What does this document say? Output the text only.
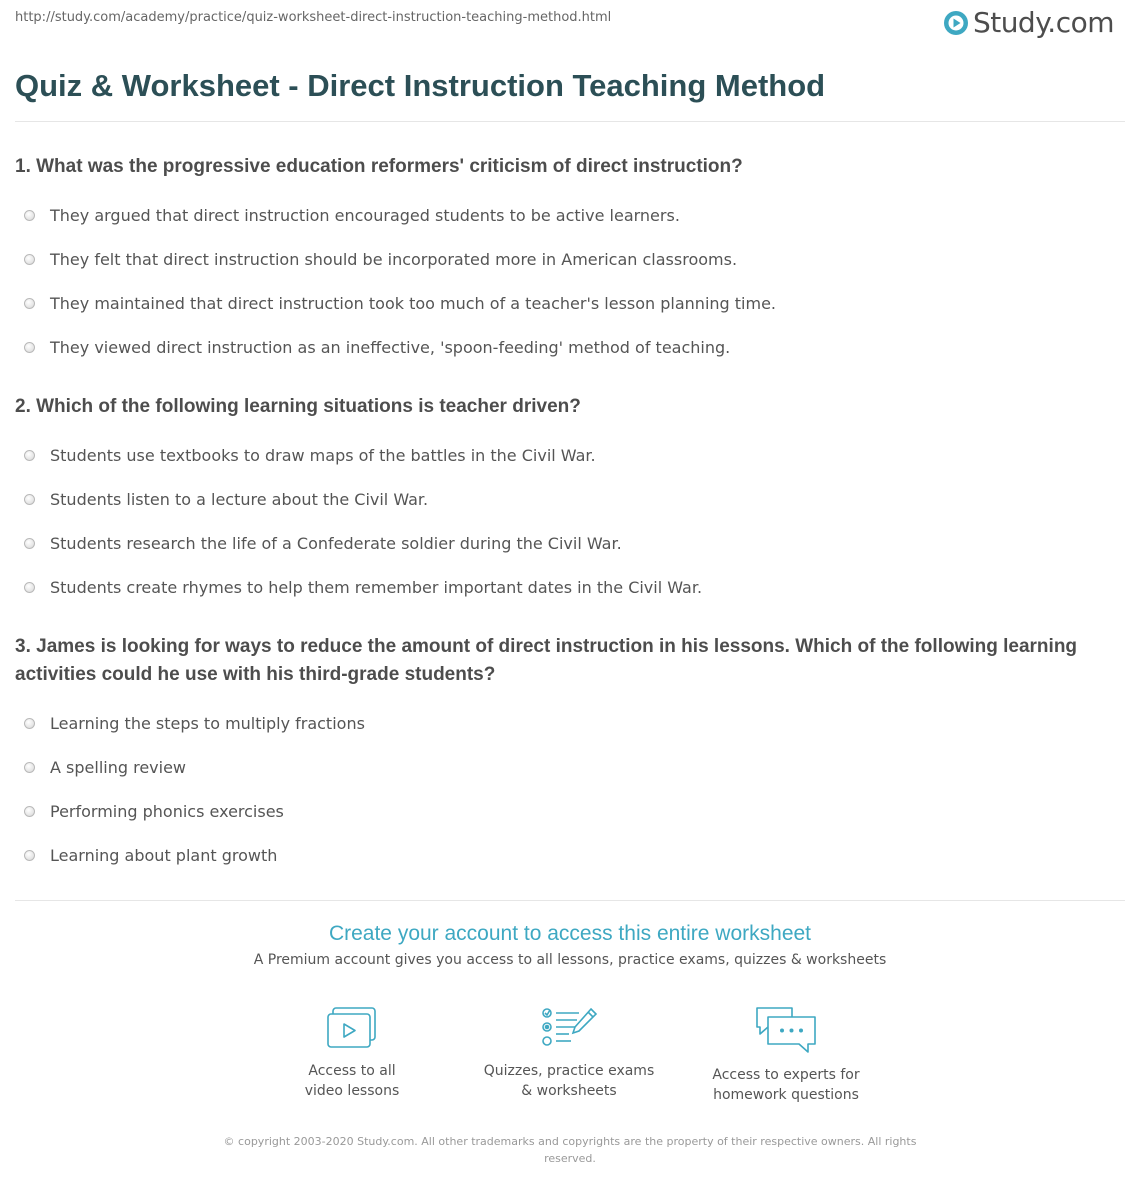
http://study.com/academy/practice/quiz-worksheet-direct-instruction-teaching-method.html	Study.com
Quiz & Worksheet - Direct Instruction Teaching Method

1. What was the progressive education reformers' criticism of direct instruction?

They argued that direct instruction encouraged students to be active learners.
They felt that direct instruction should be incorporated more in American classrooms.
They maintained that direct instruction took too much of a teacher's lesson planning time.
They viewed direct instruction as an ineffective, 'spoon-feeding' method of teaching.

2. Which of the following learning situations is teacher driven?

Students use textbooks to draw maps of the battles in the Civil War.
Students listen to a lecture about the Civil War.
Students research the life of a Confederate soldier during the Civil War.
Students create rhymes to help them remember important dates in the Civil War.

3. James is looking for ways to reduce the amount of direct instruction in his lessons. Which of the following learning activities could he use with his third-grade students?

Learning the steps to multiply fractions
A spelling review
Performing phonics exercises
Learning about plant growth

Create your account to access this entire worksheet

A Premium account gives you access to all lessons, practice exams, quizzes & worksheets
Access to all
video lessons
Quizzes, practice exams
& worksheets
Access to experts for
homework questions
© copyright 2003-2020 Study.com. All other trademarks and copyrights are the property of their respective owners. All rights
reserved.
